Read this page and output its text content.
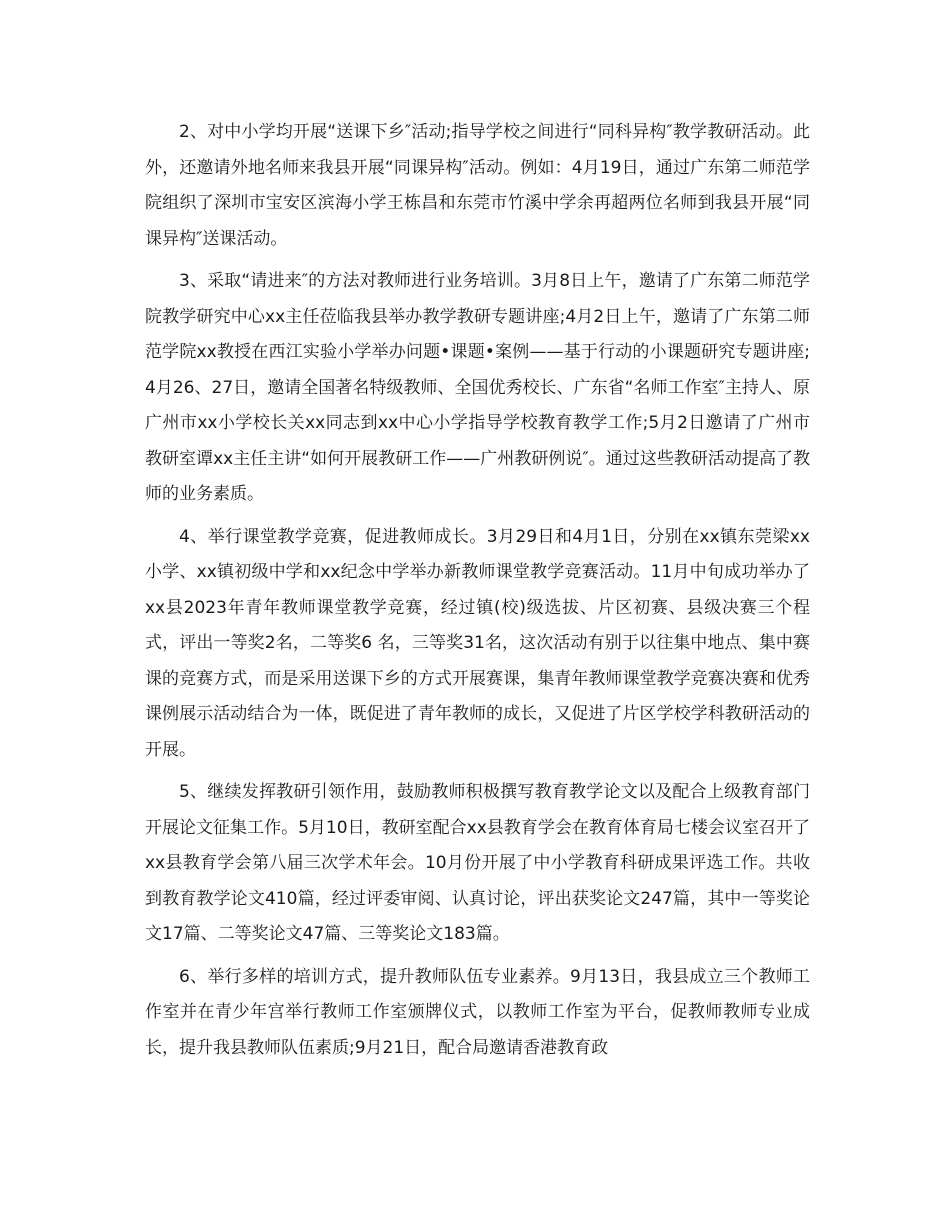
2、对中小学均开展“送课下乡″活动;指导学校之间进行“同科异构″教学教研活动。此外，还邀请外地名师来我县开展“同课异构″活动。例如：4月19日，通过广东第二师范学院组织了深圳市宝安区滨海小学王栋昌和东莞市竹溪中学余再超两位名师到我县开展“同课异构″送课活动。

3、采取“请进来″的方法对教师进行业务培训。3月8日上午，邀请了广东第二师范学院教学研究中心xx主任莅临我县举办教学教研专题讲座;4月2日上午，邀请了广东第二师范学院xx教授在西江实验小学举办问题•课题•案例——基于行动的小课题研究专题讲座;4月26、27日，邀请全国著名特级教师、全国优秀校长、广东省“名师工作室″主持人、原广州市xx小学校长关xx同志到xx中心小学指导学校教育教学工作;5月2日邀请了广州市教研室谭xx主任主讲“如何开展教研工作——广州教研例说″。通过这些教研活动提高了教师的业务素质。

4、举行课堂教学竞赛，促进教师成长。3月29日和4月1日，分别在xx镇东莞梁xx小学、xx镇初级中学和xx纪念中学举办新教师课堂教学竞赛活动。11月中旬成功举办了xx县2023年青年教师课堂教学竞赛，经过镇(校)级选拔、片区初赛、县级决赛三个程式，评出一等奖2名，二等奖6 名，三等奖31名，这次活动有别于以往集中地点、集中赛课的竞赛方式，而是采用送课下乡的方式开展赛课，集青年教师课堂教学竞赛决赛和优秀课例展示活动结合为一体，既促进了青年教师的成长，又促进了片区学校学科教研活动的开展。

5、继续发挥教研引领作用，鼓励教师积极撰写教育教学论文以及配合上级教育部门开展论文征集工作。5月10日，教研室配合xx县教育学会在教育体育局七楼会议室召开了xx县教育学会第八届三次学术年会。10月份开展了中小学教育科研成果评选工作。共收到教育教学论文410篇，经过评委审阅、认真讨论，评出获奖论文247篇，其中一等奖论文17篇、二等奖论文47篇、三等奖论文183篇。

6、举行多样的培训方式，提升教师队伍专业素养。9月13日，我县成立三个教师工作室并在青少年宫举行教师工作室颁牌仪式，以教师工作室为平台，促教师教师专业成长，提升我县教师队伍素质;9月21日，配合局邀请香港教育政
